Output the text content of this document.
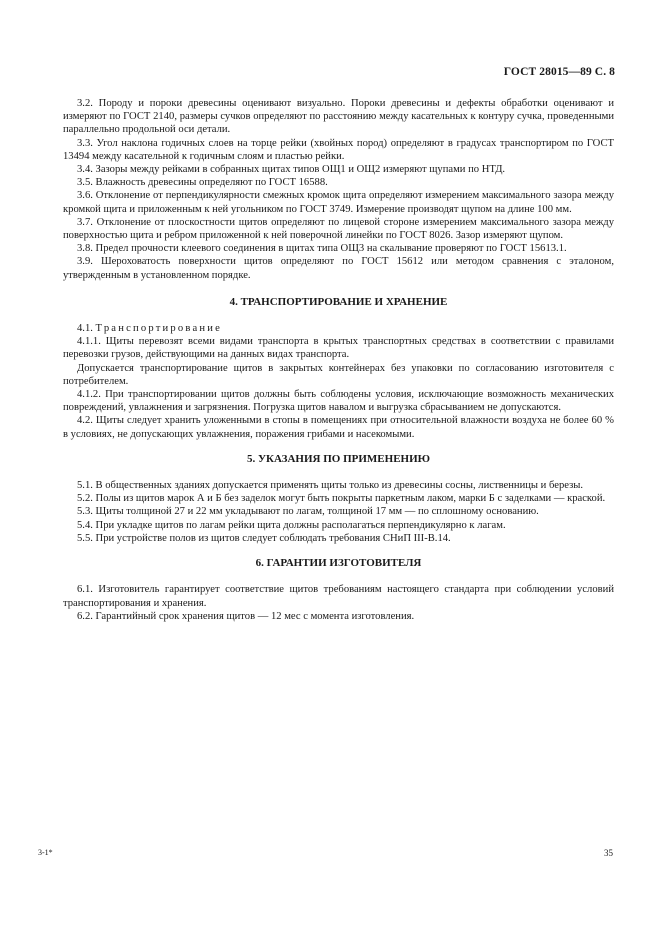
ГОСТ 28015—89 С. 8

3.2. Породу и пороки древесины оценивают визуально. Пороки древесины и дефекты обработки оценивают и измеряют по ГОСТ 2140, размеры сучков определяют по расстоянию между касательных к контуру сучка, проведенными параллельно продольной оси детали.

3.3. Угол наклона годичных слоев на торце рейки (хвойных пород) определяют в градусах транспортиром по ГОСТ 13494 между касательной к годичным слоям и пластью рейки.

3.4. Зазоры между рейками в собранных щитах типов ОЩ1 и ОЩ2 измеряют щупами по НТД.

3.5. Влажность древесины определяют по ГОСТ 16588.

3.6. Отклонение от перпендикулярности смежных кромок щита определяют измерением максимального зазора между кромкой щита и приложенным к ней угольником по ГОСТ 3749. Измерение производят щупом на длине 100 мм.

3.7. Отклонение от плоскостности щитов определяют по лицевой стороне измерением максимального зазора между поверхностью щита и ребром приложенной к ней поверочной линейки по ГОСТ 8026. Зазор измеряют щупом.

3.8. Предел прочности клеевого соединения в щитах типа ОЩ3 на скалывание проверяют по ГОСТ 15613.1.

3.9. Шероховатость поверхности щитов определяют по ГОСТ 15612 или методом сравнения с эталоном, утвержденным в установленном порядке.

4. ТРАНСПОРТИРОВАНИЕ И ХРАНЕНИЕ

4.1. Транспортирование

4.1.1. Щиты перевозят всеми видами транспорта в крытых транспортных средствах в соответствии с правилами перевозки грузов, действующими на данных видах транспорта.

Допускается транспортирование щитов в закрытых контейнерах без упаковки по согласованию изготовителя с потребителем.

4.1.2. При транспортировании щитов должны быть соблюдены условия, исключающие возможность механических повреждений, увлажнения и загрязнения. Погрузка щитов навалом и выгрузка сбрасыванием не допускаются.

4.2. Щиты следует хранить уложенными в стопы в помещениях при относительной влажности воздуха не более 60 % в условиях, не допускающих увлажнения, поражения грибами и насекомыми.

5. УКАЗАНИЯ ПО ПРИМЕНЕНИЮ

5.1. В общественных зданиях допускается применять щиты только из древесины сосны, лиственницы и березы.

5.2. Полы из щитов марок А и Б без заделок могут быть покрыты паркетным лаком, марки Б с заделками — краской.

5.3. Щиты толщиной 27 и 22 мм укладывают по лагам, толщиной 17 мм — по сплошному основанию.

5.4. При укладке щитов по лагам рейки щита должны располагаться перпендикулярно к лагам.

5.5. При устройстве полов из щитов следует соблюдать требования СНиП III-В.14.

6. ГАРАНТИИ ИЗГОТОВИТЕЛЯ

6.1. Изготовитель гарантирует соответствие щитов требованиям настоящего стандарта при соблюдении условий транспортирования и хранения.

6.2. Гарантийный срок хранения щитов — 12 мес с момента изготовления.

3-1*	35
